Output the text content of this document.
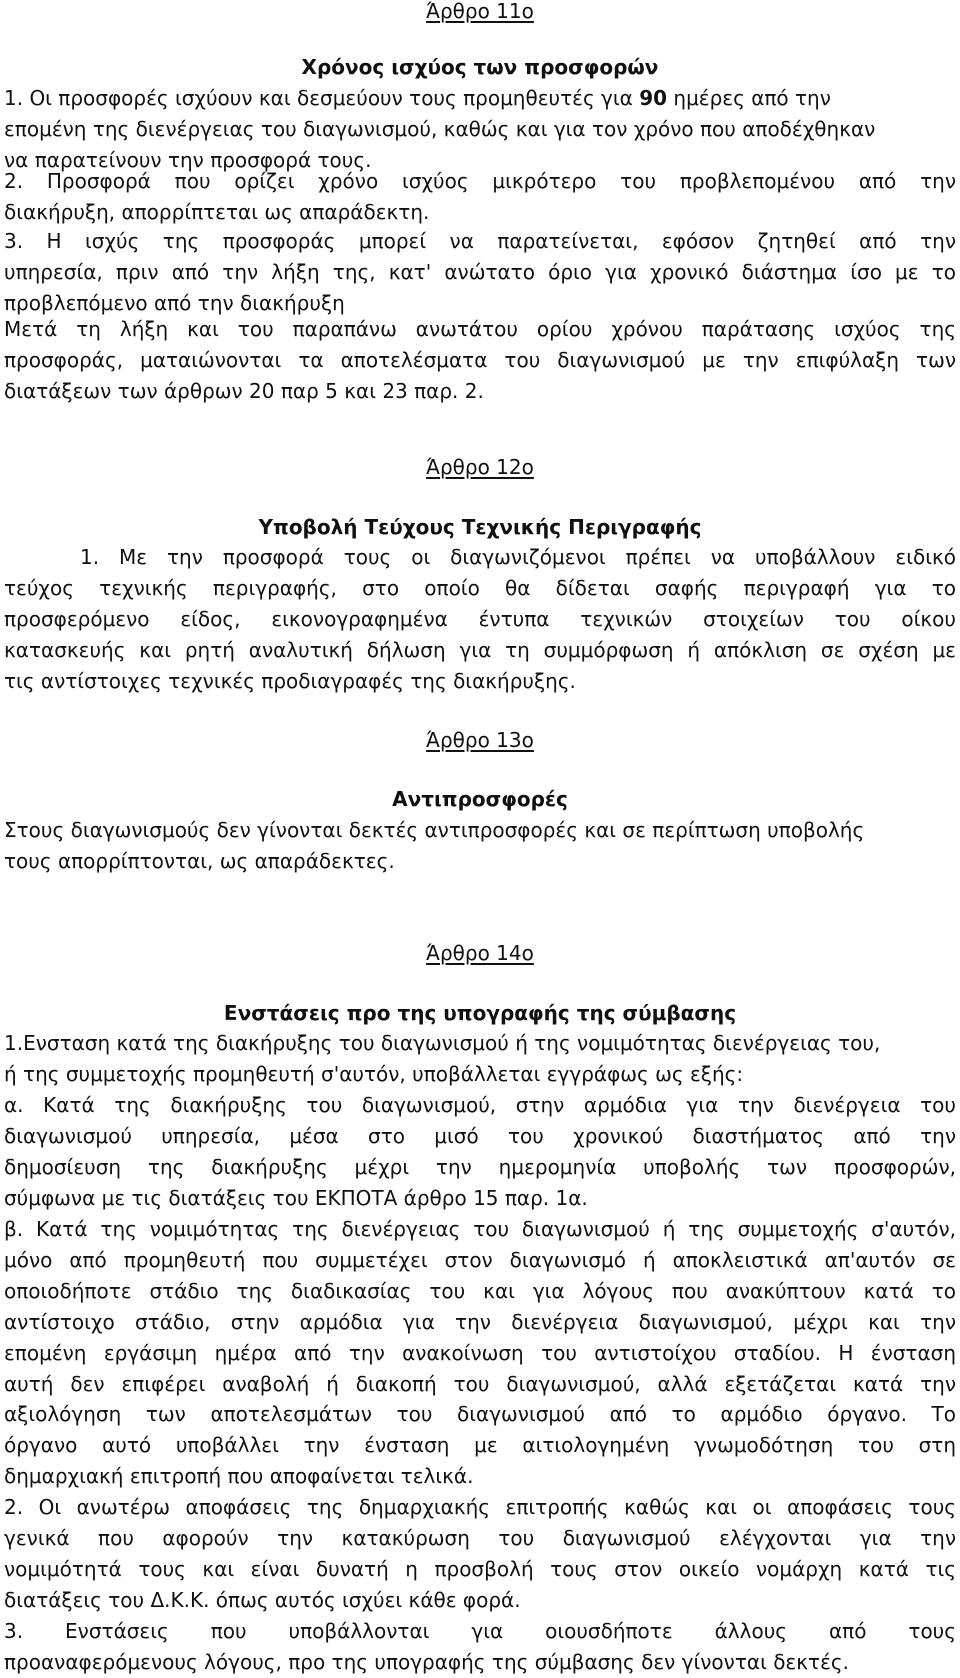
Άρθρο 11ο
Χρόνος ισχύος των προσφορών
1. Οι προσφορές ισχύουν και δεσμεύουν τους προμηθευτές για 90 ημέρες από την
επομένη της διενέργειας του διαγωνισμού, καθώς και για τον χρόνο που αποδέχθηκαν
να παρατείνουν την προσφορά τους.
2. Προσφορά που ορίζει χρόνο ισχύος μικρότερο του προβλεπομένου από την
διακήρυξη, απορρίπτεται ως απαράδεκτη.
3. Η ισχύς της προσφοράς μπορεί να παρατείνεται, εφόσον ζητηθεί από την
υπηρεσία, πριν από την λήξη της, κατ' ανώτατο όριο για χρονικό διάστημα ίσο με το
προβλεπόμενο από την διακήρυξη
Μετά τη λήξη και του παραπάνω ανωτάτου ορίου χρόνου παράτασης ισχύος της
προσφοράς, ματαιώνονται τα αποτελέσματα του διαγωνισμού με την επιφύλαξη των
διατάξεων των άρθρων 20 παρ 5 και 23 παρ. 2.
Άρθρο 12ο
Υποβολή Τεύχους Τεχνικής Περιγραφής
1. Με την προσφορά τους οι διαγωνιζόμενοι πρέπει να υποβάλλουν ειδικό
τεύχος τεχνικής περιγραφής, στο οποίο θα δίδεται σαφής περιγραφή για το
προσφερόμενο είδος, εικονογραφημένα έντυπα τεχνικών στοιχείων του οίκου
κατασκευής και ρητή αναλυτική δήλωση για τη συμμόρφωση ή απόκλιση σε σχέση με
τις αντίστοιχες τεχνικές προδιαγραφές της διακήρυξης.
Άρθρο 13ο
Αντιπροσφορές
Στους διαγωνισμούς δεν γίνονται δεκτές αντιπροσφορές και σε περίπτωση υποβολής
τους απορρίπτονται, ως απαράδεκτες.
Άρθρο 14ο
Ενστάσεις προ της υπογραφής της σύμβασης
1.Ενσταση κατά της διακήρυξης του διαγωνισμού ή της νομιμότητας διενέργειας του,
ή της συμμετοχής προμηθευτή σ'αυτόν, υποβάλλεται εγγράφως ως εξής:
α. Κατά της διακήρυξης του διαγωνισμού, στην αρμόδια για την διενέργεια του
διαγωνισμού υπηρεσία, μέσα στο μισό του χρονικού διαστήματος από την
δημοσίευση της διακήρυξης μέχρι την ημερομηνία υποβολής των προσφορών,
σύμφωνα με τις διατάξεις του ΕΚΠΟΤΑ άρθρο 15 παρ. 1α.
β. Κατά της νομιμότητας της διενέργειας του διαγωνισμού ή της συμμετοχής σ'αυτόν,
μόνο από προμηθευτή που συμμετέχει στον διαγωνισμό ή αποκλειστικά απ'αυτόν σε
οποιοδήποτε στάδιο της διαδικασίας του και για λόγους που ανακύπτουν κατά το
αντίστοιχο στάδιο, στην αρμόδια για την διενέργεια διαγωνισμού, μέχρι και την
επομένη εργάσιμη ημέρα από την ανακοίνωση του αντιστοίχου σταδίου. Η ένσταση
αυτή δεν επιφέρει αναβολή ή διακοπή του διαγωνισμού, αλλά εξετάζεται κατά την
αξιολόγηση των αποτελεσμάτων του διαγωνισμού από το αρμόδιο όργανο. Το
όργανο αυτό υποβάλλει την ένσταση με αιτιολογημένη γνωμοδότηση του στη
δημαρχιακή επιτροπή που αποφαίνεται τελικά.
2. Οι ανωτέρω αποφάσεις της δημαρχιακής επιτροπής καθώς και οι αποφάσεις τους
γενικά που αφορούν την κατακύρωση του διαγωνισμού ελέγχονται για την
νομιμότητά τους και είναι δυνατή η προσβολή τους στον οικείο νομάρχη κατά τις
διατάξεις του Δ.Κ.Κ. όπως αυτός ισχύει κάθε φορά.
3. Ενστάσεις που υποβάλλονται για οιουσδήποτε άλλους από τους
προαναφερόμενους λόγους, προ της υπογραφής της σύμβασης δεν γίνονται δεκτές.
